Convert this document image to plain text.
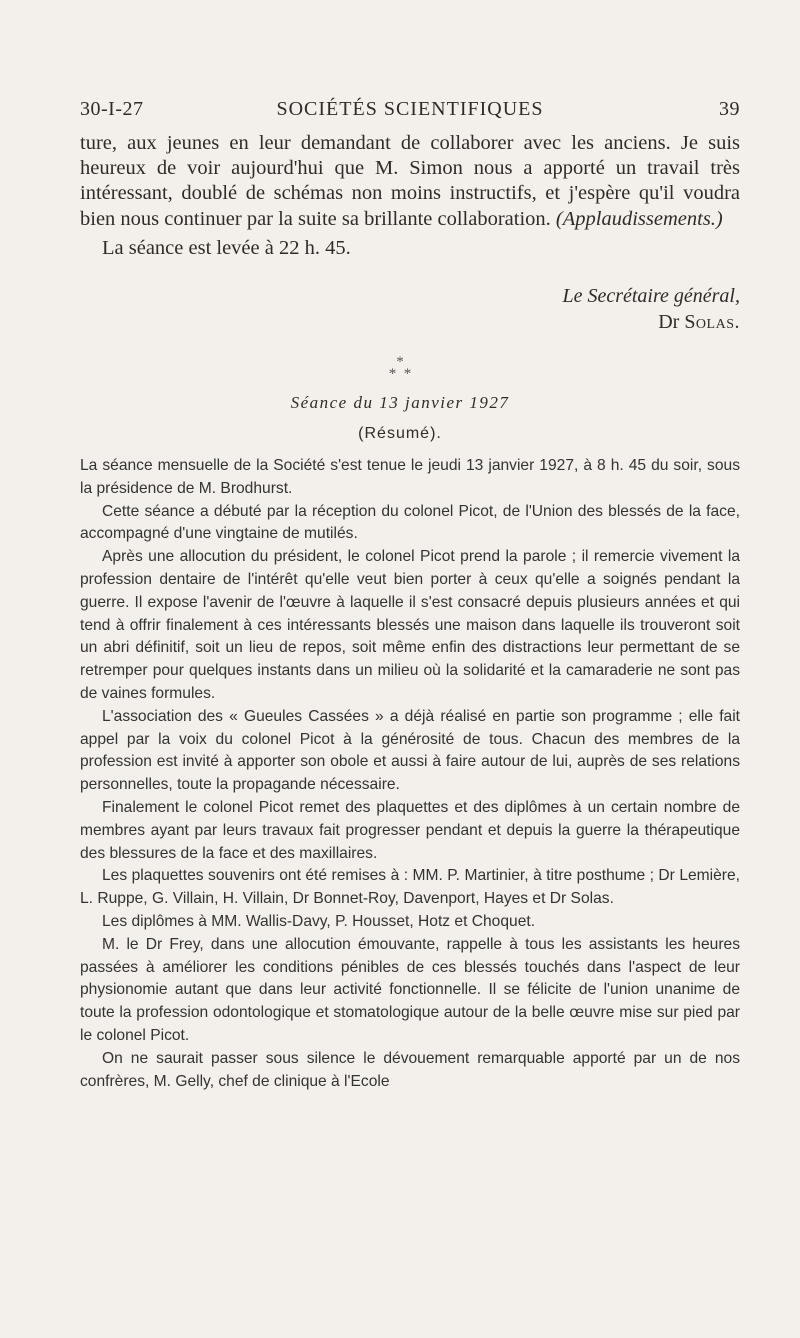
30-I-27	SOCIÉTÉS SCIENTIFIQUES	39

ture, aux jeunes en leur demandant de collaborer avec les anciens. Je suis heureux de voir aujourd'hui que M. Simon nous a apporté un travail très intéressant, doublé de schémas non moins instructifs, et j'espère qu'il voudra bien nous continuer par la suite sa brillante collaboration. (Applaudissements.)

La séance est levée à 22 h. 45.

Le Secrétaire général,
Dr Solas.
*
*  *
Séance du 13 janvier 1927
(Résumé).

La séance mensuelle de la Société s'est tenue le jeudi 13 janvier 1927, à 8 h. 45 du soir, sous la présidence de M. Brodhurst.

Cette séance a débuté par la réception du colonel Picot, de l'Union des blessés de la face, accompagné d'une vingtaine de mutilés.

Après une allocution du président, le colonel Picot prend la parole ; il remercie vivement la profession dentaire de l'intérêt qu'elle veut bien porter à ceux qu'elle a soignés pendant la guerre. Il expose l'avenir de l'œuvre à laquelle il s'est consacré depuis plusieurs années et qui tend à offrir finalement à ces intéressants blessés une maison dans laquelle ils trouveront soit un abri définitif, soit un lieu de repos, soit même enfin des distractions leur permettant de se retremper pour quelques instants dans un milieu où la solidarité et la camaraderie ne sont pas de vaines formules.

L'association des « Gueules Cassées » a déjà réalisé en partie son programme ; elle fait appel par la voix du colonel Picot à la générosité de tous. Chacun des membres de la profession est invité à apporter son obole et aussi à faire autour de lui, auprès de ses relations personnelles, toute la propagande nécessaire.

Finalement le colonel Picot remet des plaquettes et des diplômes à un certain nombre de membres ayant par leurs travaux fait progresser pendant et depuis la guerre la thérapeutique des blessures de la face et des maxillaires.

Les plaquettes souvenirs ont été remises à : MM. P. Martinier, à titre posthume ; Dr Lemière, L. Ruppe, G. Villain, H. Villain, Dr Bonnet-Roy, Davenport, Hayes et Dr Solas.

Les diplômes à MM. Wallis-Davy, P. Housset, Hotz et Choquet.

M. le Dr Frey, dans une allocution émouvante, rappelle à tous les assistants les heures passées à améliorer les conditions pénibles de ces blessés touchés dans l'aspect de leur physionomie autant que dans leur activité fonctionnelle. Il se félicite de l'union unanime de toute la profession odontologique et stomatologique autour de la belle œuvre mise sur pied par le colonel Picot.

On ne saurait passer sous silence le dévouement remarquable apporté par un de nos confrères, M. Gelly, chef de clinique à l'Ecole
